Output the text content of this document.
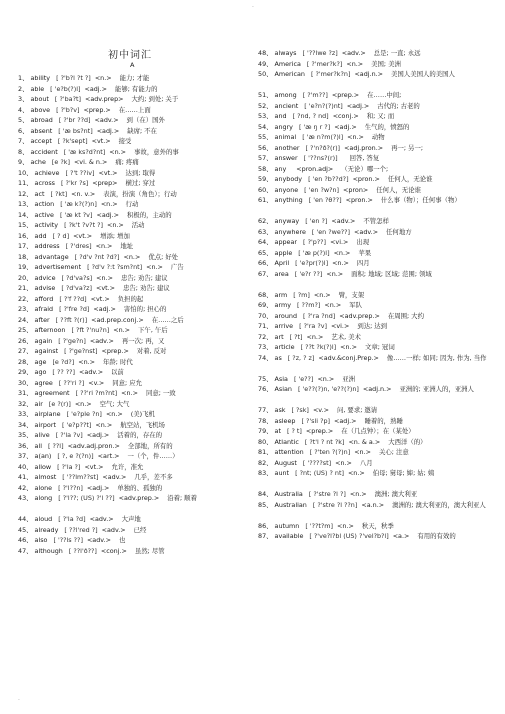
·
初中词汇
A
1、 ability [ ?'b?l ?t ?] <n.> 能力; 才能
2、 able [ 'e?b(?)l] <adj.> 能够; 有能力的
3、 about [ ?'ba?t] <adv.prep> 大约; 到处; 关于
4、 above [ ?'b?v] <prep.> 在……上面
5、 abroad [ ?'br ??d] <adv.> 到（在）国外
6、 absent [ 'æ bs?nt] <adj.> 缺席; 不在
7、 accept [ ?k'sept] <vt.> 接受
8、 accident [ 'æ ks?d?nt] <n.> 事故，意外的事
9、 ache [e ?k] <vi. & n.> 痛; 疼痛
10、 achieve [ ?'t ??iv] <vt.> 达到; 取得
11、 across [ ?'kr ?s] <prep> 横过; 穿过
12、 act [ ?kt] <n. v.> 表演，扮演（角色）；行动
13、 action [ 'æ k?(?)n] <n.> 行动
14、 active [ 'æ kt ?v] <adj.> 积极的，主动的
15、 activity [ ?k't ?v?t ?] <n.> 活动
16、 add [ ? d] <vt.> 增添; 增加
17、 address [ ?'dres] <n.> 地址
18、 advantage [ ?d'v ?nt ?d?] <n.> 优点; 好处
19、 advertisement [ ?d'v ?:t ?sm?nt] <n.> 广告
20、 advice [ ?d'va?s] <n.> 忠告; 劝告; 建议
21、 advise [ ?d'va?z] <vt.> 忠告; 劝告; 建议
22、 afford [ ?'f ??d] <vt.> 负担的起
23、 afraid [ ?'fre ?d] <adj.> 害怕的; 担心的
24、 after [ ??ft ?(r)] <ad.prep.conj.> 在……之后
25、 afternoon [ ?ft ?'nu?n] <n.> 下午, 午后
26、 again [ ?'ge?n] <adv.> 再一次; 再，又
27、 against [ ?'ge?nst] <prep.> 对着, 反对
28、 age [e ?d?] <n.> 年龄; 时代
29、 ago [ ?? ??] <adv.> 以前
30、 agree [ ??'ri ?] <v.> 同意; 应允
31、 agreement [ ??'ri ?m?nt] <n.> 同意; 一致
32、 air [e ?(r)] <n.> 空气; 大气
33、 airplane [ 'e?ple ?n] <n.> (美)飞机
34、 airport [ 'e?p??t] <n.> 航空站，飞机场
35、 alive [ ?'la ?v] <adj.> 活着的，存在的
36、 all [ ??l] <adv.adj.pron.> 全部地，所有的
37、 a(an) [ ?, e ?(?n)] <art.> 一（个，件……）
40、 allow [ ?'la ?] <vt.> 允许，准允
41、 almost [ '??lm??st] <adv.> 几乎，差不多
42、 alone [ ?'l??n] <adj.> 单独的、孤独的
43、 along [ ?'l??; (US) ?'l ??] <adv.prep.> 沿着; 顺着
44、 aloud [ ?'la ?d] <adv.> 大声地
45、 already [ ??l'red ?] <adv.> 已经
46、 also [ '??ls ??] <adv.> 也
47、 although [ ??l'ð??] <conj.> 虽然; 尽管
48、 always [ '??lwe ?z] <adv.> 总是; 一直; 永远
49、 America [ ?'mer?k?] <n.> 美国; 美洲
50、 American [ ?'mer?k?n] <adj.n.> 美国人美国人的美国人
51、 among [ ?'m??] <prep.> 在……中间;
52、 ancient [ 'e?n?(?)nt] <adj.> 古代的; 古老的
53、 and [ ?nd, ? nd] <conj.> 和; 又; 而
54、 angry [ 'æ ŋ r ?] <adj.> 生气的，愤怒的
55、 animal [ 'æ n?m(?)l] <n.> 动物
56、 another [ ?'n?ð?(r)] <adj.pron.> 再一; 另一;
57、 answer [ '??ns?(r)] 回答, 答复
58、 any <pron.adj> （无论）哪一个;
59、 anybody [ 'en ?b??d?] <pron.> 任何人，无论谁
60、 anyone [ 'en ?w?n] <pron> 任何人，无论谁
61、 anything [ 'en ?θ??] <pron.> 什么事（物）；任何事（物）
62、 anyway [ 'en ?] <adv.> 不管怎样
63、 anywhere [ 'en ?we??] <adv.> 任何地方
64、 appear [ ?'p??] <vi.> 出现
65、 apple [ 'æ p(?)l] <n.> 苹果
66、 April [ 'e?pr(?)l] <n.> 四月
67、 area [ 'e?r ??] <n.> 面积; 地域; 区域; 范围; 领域
68、 arm [ ?m] <n.> 臂，支架
69、 army [ ??m?] <n.> 军队
70、 around [ ?'ra ?nd] <adv.prep.> 在周围; 大约
71、 arrive [ ?'ra ?v] <vi.> 到达; 达到
72、 art [ ?t] <n.> 艺术, 美术
73、 article [ ??t ?k(?)l] <n.> 文章; 冠词
74、 as [ ?z, ? z] <adv.&conj.Prep.> 像……一样; 如同; 因为, 作为, 当作
75、 Asia [ 'e??] <n.> 亚洲
76、 Asian [ 'e??(?)n, 'e??(?)n] <adj.n.> 亚洲的; 亚洲人的，亚洲人
77、 ask [ ?sk] <v.> 问, 要求; 邀请
78、 asleep [ ?'sli ?p] <adj.> 睡着的，熟睡
79、 at [ ? t] <prep.> 在（几点钟）；在（某处）
80、 Atlantic [ ?t'l ? nt ?k] <n. & a.> 大西洋（的）
81、 attention [ ?'ten ?(?)n] <n.> 关心; 注意
82、 August [ '????st] <n.> 八月
83、 aunt [ ?nt; (US) ? nt] <n.> 伯母; 舅母; 婶; 姑; 姨
84、 Australia [ ?'stre ?l ?] <n.> 澳洲; 澳大利亚
85、 Australian [ ?'stre ?l ??n] <a.n.> 澳洲的; 澳大利亚的，澳大利亚人
86、 autumn [ '??t?m] <n.> 秋天，秋季
87、 available [ ?'ve?l?bl (US) ?'vel?b?l] <a.> 有用的有效的
·
